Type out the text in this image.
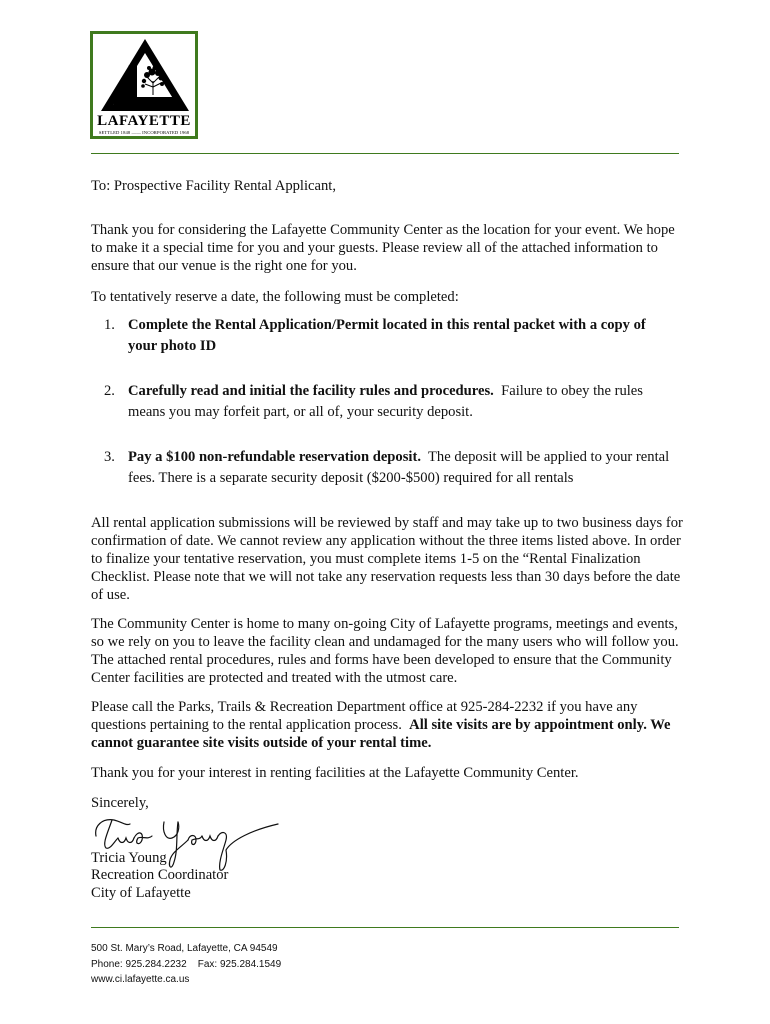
LAFAYETTE
SETTLED 1848 —— INCORPORATED 1968

To: Prospective Facility Rental Applicant,

Thank you for considering the Lafayette Community Center as the location for your event. We hope to make it a special time for you and your guests. Please review all of the attached information to ensure that our venue is the right one for you.

To tentatively reserve a date, the following must be completed:

1. Complete the Rental Application/Permit located in this rental packet with a copy of your photo ID
2. Carefully read and initial the facility rules and procedures. Failure to obey the rules means you may forfeit part, or all of, your security deposit.
3. Pay a $100 non-refundable reservation deposit. The deposit will be applied to your rental fees. There is a separate security deposit ($200-$500) required for all rentals

All rental application submissions will be reviewed by staff and may take up to two business days for confirmation of date. We cannot review any application without the three items listed above. In order to finalize your tentative reservation, you must complete items 1-5 on the “Rental Finalization Checklist. Please note that we will not take any reservation requests less than 30 days before the date of use.

The Community Center is home to many on-going City of Lafayette programs, meetings and events, so we rely on you to leave the facility clean and undamaged for the many users who will follow you. The attached rental procedures, rules and forms have been developed to ensure that the Community Center facilities are protected and treated with the utmost care.

Please call the Parks, Trails & Recreation Department office at 925-284-2232 if you have any questions pertaining to the rental application process. All site visits are by appointment only. We cannot guarantee site visits outside of your rental time.

Thank you for your interest in renting facilities at the Lafayette Community Center.

Sincerely,

Tricia Young

Recreation Coordinator

City of Lafayette

500 St. Mary’s Road, Lafayette, CA 94549
Phone: 925.284.2232    Fax: 925.284.1549
www.ci.lafayette.ca.us
